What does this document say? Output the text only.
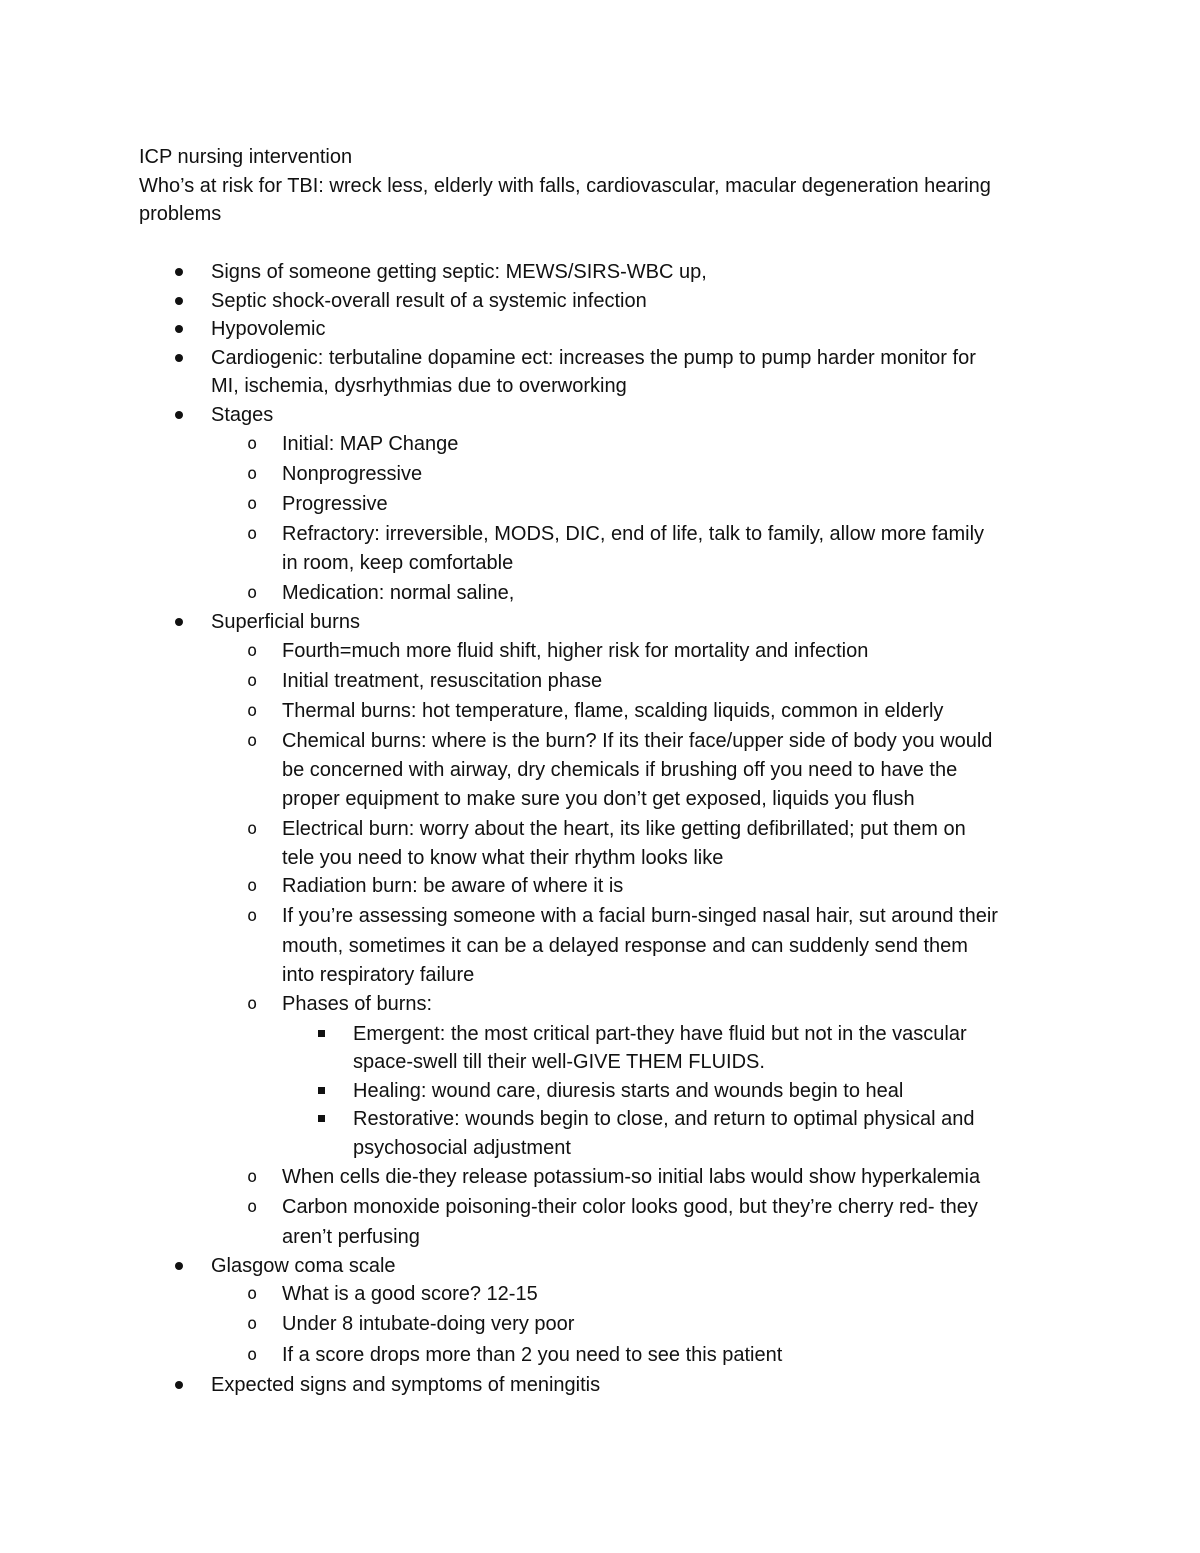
ICP nursing intervention

Who’s at risk for TBI: wreck less, elderly with falls, cardiovascular, macular degeneration hearing

problems

Signs of someone getting septic: MEWS/SIRS-WBC up,

Septic shock-overall result of a systemic infection

Hypovolemic

Cardiogenic: terbutaline dopamine ect: increases the pump to pump harder monitor for

MI, ischemia, dysrhythmias due to overworking

Stages

o Initial: MAP Change

o Nonprogressive

o Progressive

o Refractory: irreversible, MODS, DIC, end of life, talk to family, allow more family

in room, keep comfortable

o Medication: normal saline,

Superficial burns

o Fourth=much more fluid shift, higher risk for mortality and infection

o Initial treatment, resuscitation phase

o Thermal burns: hot temperature, flame, scalding liquids, common in elderly

o Chemical burns: where is the burn? If its their face/upper side of body you would

be concerned with airway, dry chemicals if brushing off you need to have the

proper equipment to make sure you don’t get exposed, liquids you flush

o Electrical burn: worry about the heart, its like getting defibrillated; put them on

tele you need to know what their rhythm looks like

o Radiation burn: be aware of where it is

o If you’re assessing someone with a facial burn-singed nasal hair, sut around their

mouth, sometimes it can be a delayed response and can suddenly send them

into respiratory failure

o Phases of burns:

Emergent: the most critical part-they have fluid but not in the vascular

space-swell till their well-GIVE THEM FLUIDS.

Healing: wound care, diuresis starts and wounds begin to heal

Restorative: wounds begin to close, and return to optimal physical and

psychosocial adjustment

o When cells die-they release potassium-so initial labs would show hyperkalemia

o Carbon monoxide poisoning-their color looks good, but they’re cherry red- they

aren’t perfusing

Glasgow coma scale

o What is a good score? 12-15

o Under 8 intubate-doing very poor

o If a score drops more than 2 you need to see this patient

Expected signs and symptoms of meningitis
